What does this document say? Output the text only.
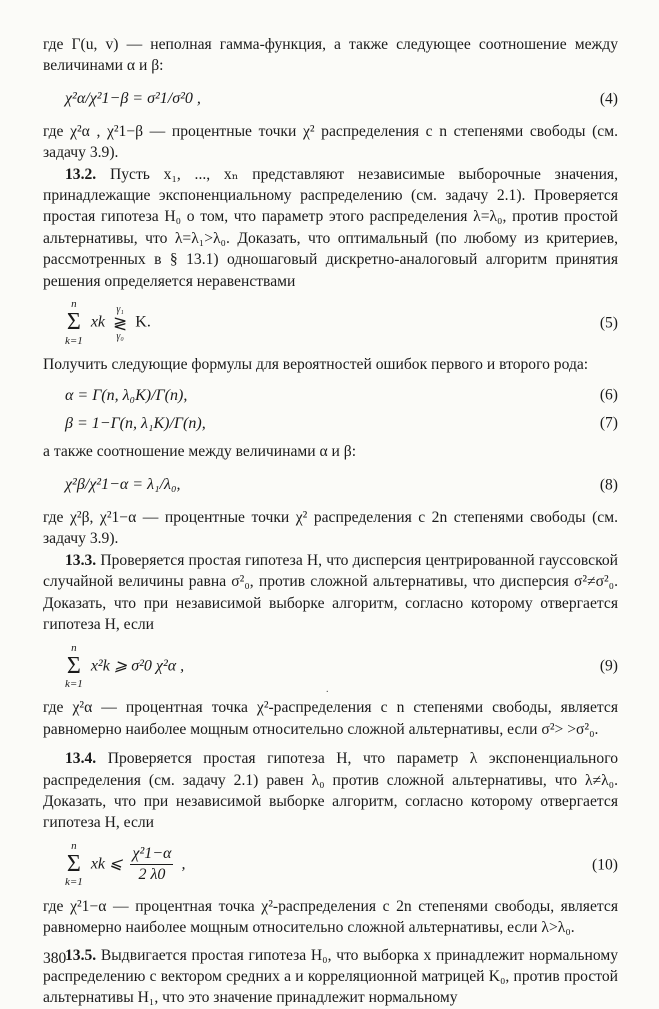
где Γ(u, v) — неполная гамма-функция, а также следующее соотношение между величинами α и β:

χ²α/χ²1−β = σ²1/σ²0 ,	(4)

где χ²α , χ²1−β — процентные точки χ² распределения с n степенями свободы (см. задачу 3.9).

13.2. Пусть x₁, ..., xₙ представляют независимые выборочные значения, принадлежащие экспоненциальному распределению (см. задачу 2.1). Проверяется простая гипотеза H₀ о том, что параметр этого распределения λ=λ₀, против простой альтернативы, что λ=λ₁>λ₀. Доказать, что оптимальный (по любому из критериев, рассмотренных в § 13.1) одношаговый дискретно-аналоговый алгоритм принятия решения определяется неравенствами

n
Σ
k=1
xk
γ₁
≷
γ₀
K.	(5)

Получить следующие формулы для вероятностей ошибок первого и второго рода:

α = Γ(n, λ₀K)/Γ(n),	(6)
β = 1−Γ(n, λ₁K)/Γ(n),	(7)

а также соотношение между величинами α и β:

χ²β/χ²1−α = λ₁/λ₀,	(8)

где χ²β, χ²1−α — процентные точки χ² распределения с 2n степенями свободы (см. задачу 3.9).

13.3. Проверяется простая гипотеза H, что дисперсия центрированной гауссовской случайной величины равна σ²₀, против сложной альтернативы, что дисперсия σ²≠σ²₀. Доказать, что при независимой выборке алгоритм, согласно которому отвергается гипотеза H, если

n
Σ
k=1
x²k ⩾ σ²0 χ²α ,	(9)

где χ²α — процентная точка χ²-распределения с n степенями свободы, является равномерно наиболее мощным относительно сложной альтернативы, если σ²> >σ²₀.

13.4. Проверяется простая гипотеза H, что параметр λ экспоненциального распределения (см. задачу 2.1) равен λ₀ против сложной альтернативы, что λ≠λ₀. Доказать, что при независимой выборке алгоритм, согласно которому отвергается гипотеза H, если

n
Σ
k=1
xk ⩽ $\frac{\text{χ²1−α}}{2 \lambda 0}$ ,	(10)

где χ²1−α — процентная точка χ²-распределения с 2n степенями свободы, является равномерно наиболее мощным относительно сложной альтернативы, если λ>λ₀.

13.5. Выдвигается простая гипотеза H₀, что выборка x принадлежит нормальному распределению с вектором средних a и корреляционной матрицей K₀, против простой альтернативы H₁, что это значение принадлежит нормальному

.
380
